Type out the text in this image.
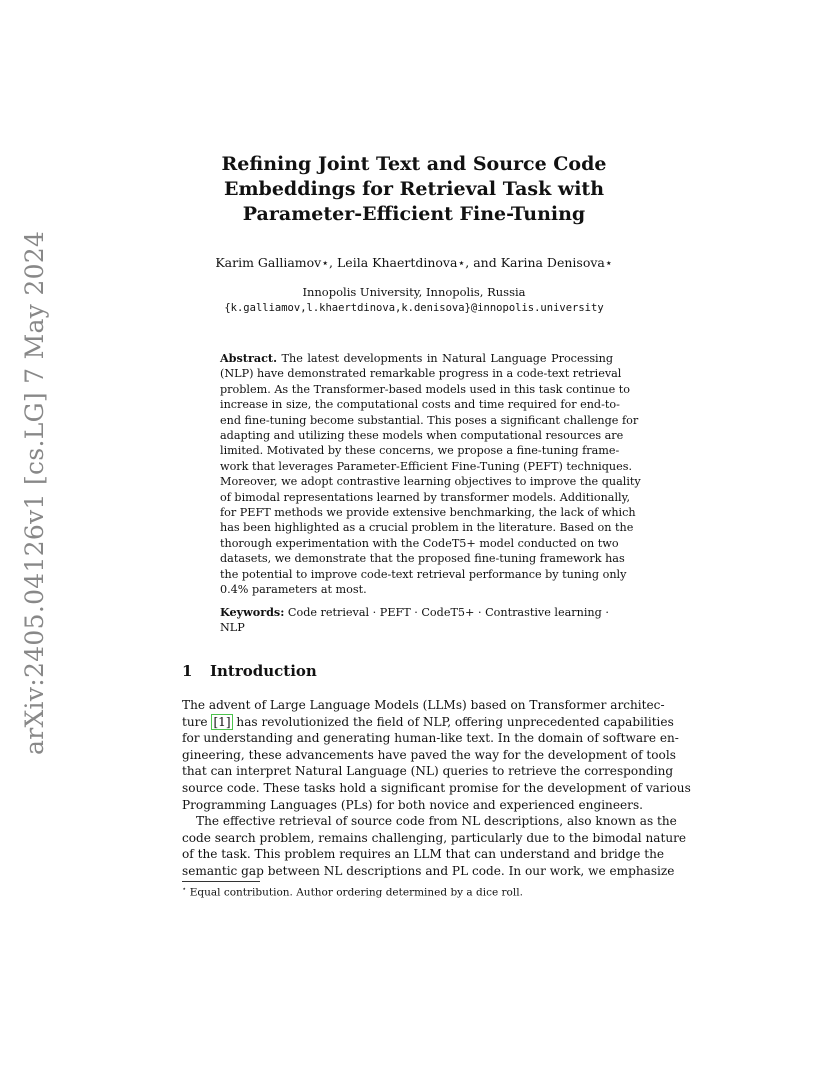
arXiv:2405.04126v1 [cs.LG] 7 May 2024
Refining Joint Text and Source Code
Embeddings for Retrieval Task with
Parameter-Efficient Fine-Tuning
Karim Galliamov⋆, Leila Khaertdinova⋆, and Karina Denisova⋆
Innopolis University, Innopolis, Russia
{k.galliamov,l.khaertdinova,k.denisova}@innopolis.university
Abstract. The latest developments in Natural Language Processing
(NLP) have demonstrated remarkable progress in a code-text retrieval
problem. As the Transformer-based models used in this task continue to
increase in size, the computational costs and time required for end-to-
end fine-tuning become substantial. This poses a significant challenge for
adapting and utilizing these models when computational resources are
limited. Motivated by these concerns, we propose a fine-tuning frame-
work that leverages Parameter-Efficient Fine-Tuning (PEFT) techniques.
Moreover, we adopt contrastive learning objectives to improve the quality
of bimodal representations learned by transformer models. Additionally,
for PEFT methods we provide extensive benchmarking, the lack of which
has been highlighted as a crucial problem in the literature. Based on the
thorough experimentation with the CodeT5+ model conducted on two
datasets, we demonstrate that the proposed fine-tuning framework has
the potential to improve code-text retrieval performance by tuning only
0.4% parameters at most.
Keywords: Code retrieval · PEFT · CodeT5+ · Contrastive learning ·
NLP
1 Introduction
The advent of Large Language Models (LLMs) based on Transformer architec-
ture [1] has revolutionized the field of NLP, offering unprecedented capabilities
for understanding and generating human-like text. In the domain of software en-
gineering, these advancements have paved the way for the development of tools
that can interpret Natural Language (NL) queries to retrieve the corresponding
source code. These tasks hold a significant promise for the development of various
Programming Languages (PLs) for both novice and experienced engineers.
The effective retrieval of source code from NL descriptions, also known as the
code search problem, remains challenging, particularly due to the bimodal nature
of the task. This problem requires an LLM that can understand and bridge the
semantic gap between NL descriptions and PL code. In our work, we emphasize
⋆ Equal contribution. Author ordering determined by a dice roll.
